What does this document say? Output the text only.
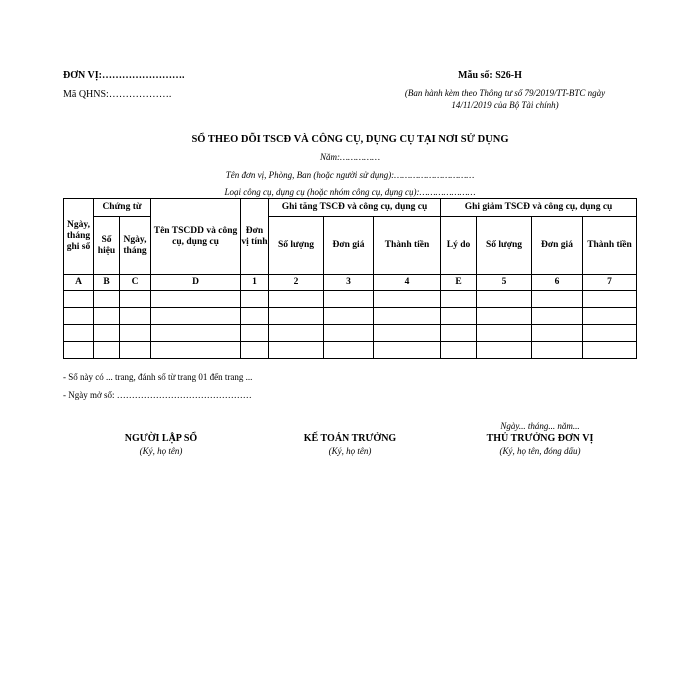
ĐƠN VỊ:…………………….
Mã QHNS:……………….
Mẫu số: S26-H
(Ban hành kèm theo Thông tư số 79/2019/TT-BTC ngày
14/11/2019 của Bộ Tài chính)
SỔ THEO DÕI TSCĐ VÀ CÔNG CỤ, DỤNG CỤ TẠI NƠI SỬ DỤNG
Năm:……………
Tên đơn vị, Phòng, Ban (hoặc người sử dụng):…………………………
Loại công cụ, dụng cụ (hoặc nhóm công cụ, dụng cụ):…………………
Ngày, tháng ghi sổ	Chứng từ		Tên TSCDD và công cụ, dụng cụ	Đơn vị tính	Ghi tăng TSCĐ và công cụ, dụng cụ			Ghi giảm TSCĐ và công cụ, dụng cụ			
	Số hiệu	Ngày, tháng			Số lượng	Đơn giá	Thành tiền	Lý do	Số lượng	Đơn giá	Thành tiền
A	B	C	D	1	2	3	4	E	5	6	7

- Sổ này có ... trang, đánh số từ trang 01 đến trang ...
- Ngày mở sổ: ………………………………………
Ngày... tháng... năm...
NGƯỜI LẬP SỔ
(Ký, họ tên)
KẾ TOÁN TRƯỞNG
(Ký, họ tên)
THỦ TRƯỞNG ĐƠN VỊ
(Ký, họ tên, đóng dấu)
